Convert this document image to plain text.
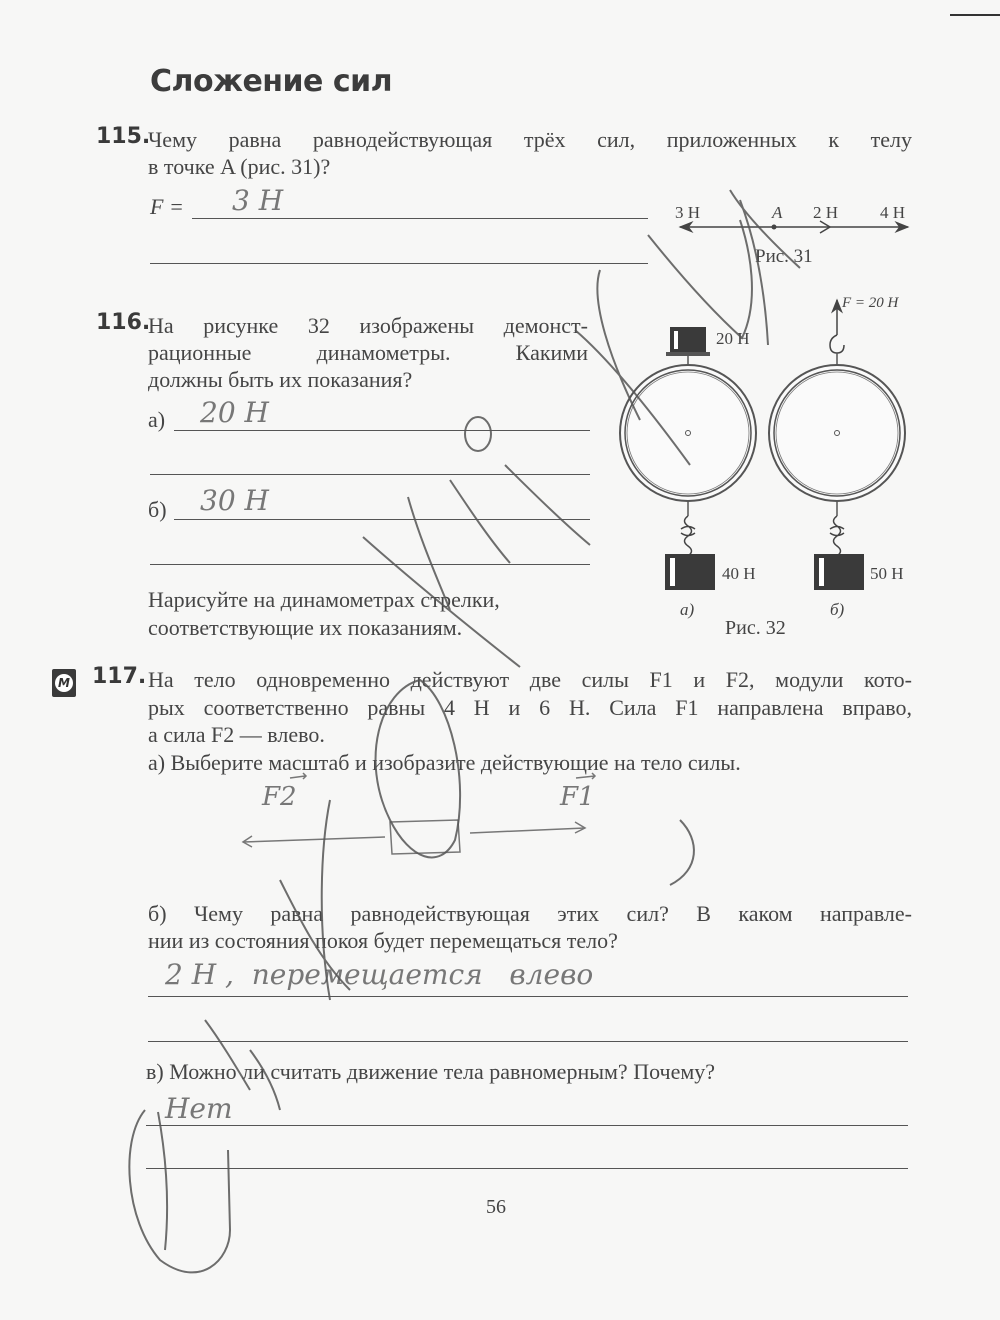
Сложение сил
115.
Чему равна равнодействующая трёх сил, приложенных к телу
в точке A (рис. 31)?
F = 3 Н	3 Н	A 2 Н 4 Н
Рис. 31
116.
На рисунке 32 изображены демонст-
рационные динамометры. Какими
должны быть их показания?
а) 20 Н
б) 30 Н
Нарисуйте на динамометрах стрелки,
соответствующие их показаниям.
20 Н
F = 20 Н
40 Н	50 Н
а)	б)
Рис. 32
M 117. На тело одновременно действуют две силы F1 и F2, модули кото-
рых соответственно равны 4 Н и 6 Н. Сила F1 направлена вправо,
а сила F2 — влево.
а) Выберите масштаб и изобразите действующие на тело силы.
F2	F1
б) Чему равна равнодействующая этих сил? В каком направле-
нии из состояния покоя будет перемещаться тело?
2 Н ,  перемещается   влево
в) Можно ли считать движение тела равномерным? Почему?
Нет
56
